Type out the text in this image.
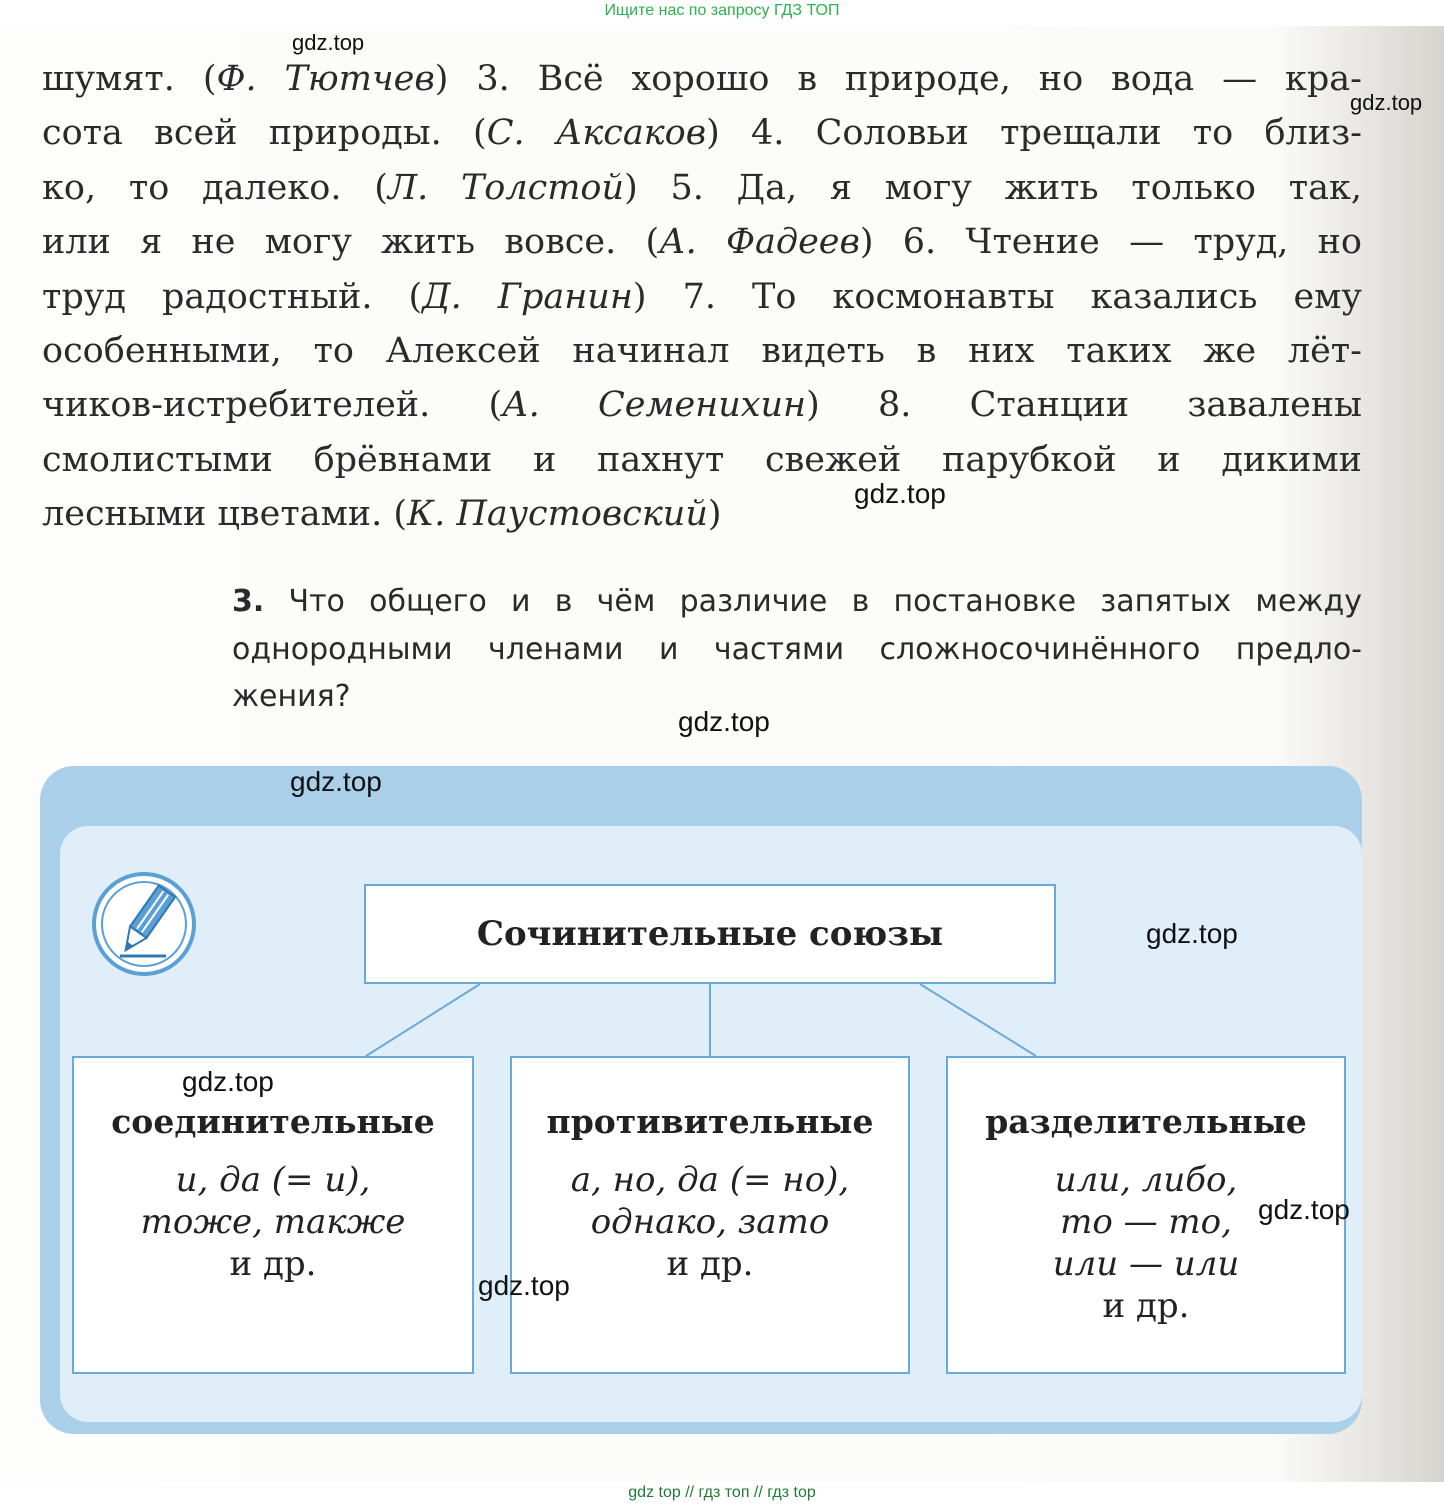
Ищите нас по запросу ГДЗ ТОП
шумят. (Ф. Тютчев) 3. Всё хорошо в природе, но вода — кра-
сота всей природы. (С. Аксаков) 4. Соловьи трещали то близ-
ко, то далеко. (Л. Толстой) 5. Да, я могу жить только так,
или я не могу жить вовсе. (А. Фадеев) 6. Чтение — труд, но
труд радостный. (Д. Гранин) 7. То космонавты казались ему
особенными, то Алексей начинал видеть в них таких же лёт-
чиков-истребителей. (А. Семенихин) 8. Станции завалены
смолистыми брёвнами и пахнут свежей парубкой и дикими
лесными цветами. (К. Паустовский)
3. Что общего и в чём различие в постановке запятых между
однородными членами и частями сложносочинённого предло-
жения?
Сочинительные союзы
соединительные
и, да (= и),
тоже, также
и др.
противительные
а, но, да (= но),
однако, зато
и др.
разделительные
или, либо,
то — то,
или — или
и др.
gdz.top
gdz.top
gdz.top
gdz.top
gdz.top
gdz.top
gdz.top
gdz.top
gdz.top
gdz top // гдз топ // гдз top
